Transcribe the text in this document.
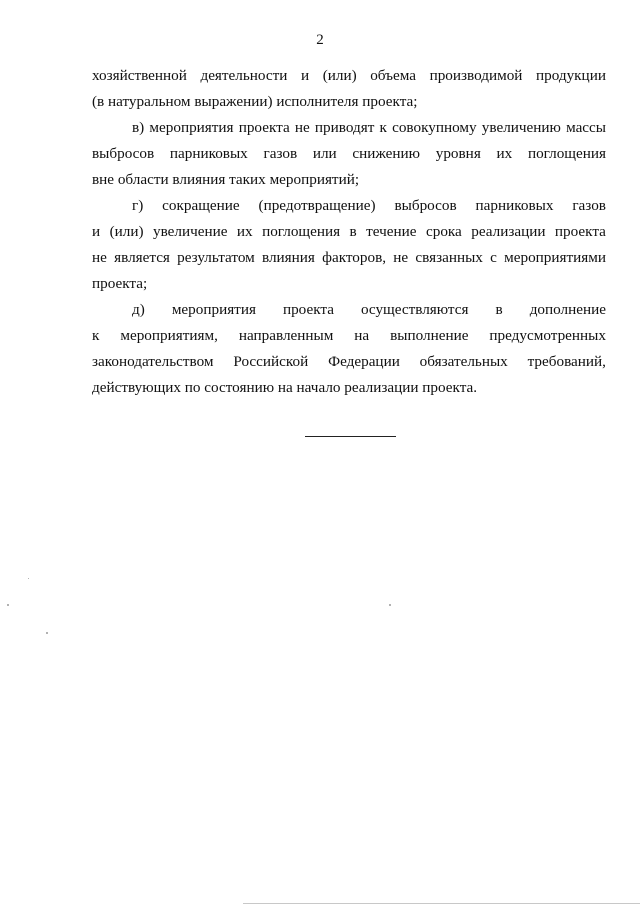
2
хозяйственной деятельности и (или) объема производимой продукции
(в натуральном выражении) исполнителя проекта;
в) мероприятия проекта не приводят к совокупному увеличению массы
выбросов парниковых газов или снижению уровня их поглощения
вне области влияния таких мероприятий;
г) сокращение (предотвращение) выбросов парниковых газов
и (или) увеличение их поглощения в течение срока реализации проекта
не является результатом влияния факторов, не связанных с мероприятиями
проекта;
д) мероприятия проекта осуществляются в дополнение
к мероприятиям, направленным на выполнение предусмотренных
законодательством Российской Федерации обязательных требований,
действующих по состоянию на начало реализации проекта.
